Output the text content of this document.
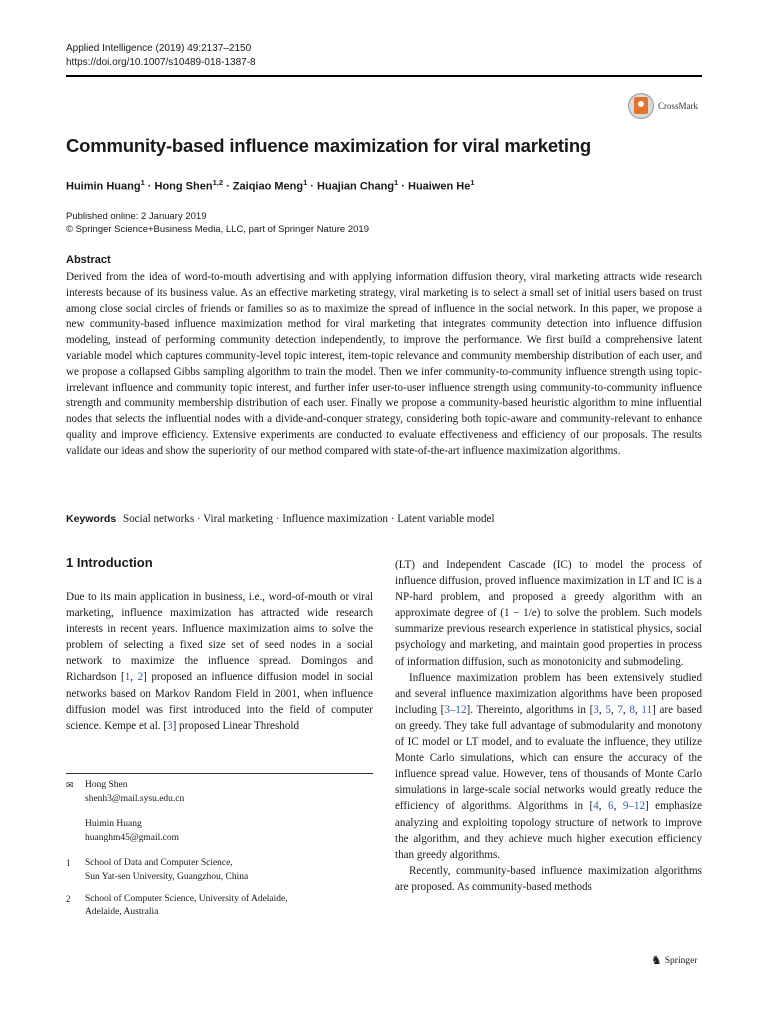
Applied Intelligence (2019) 49:2137–2150
https://doi.org/10.1007/s10489-018-1387-8
CrossMark
Community-based influence maximization for viral marketing
Huimin Huang$^1$ · Hong Shen$^{1,2}$ · Zaiqiao Meng$^1$ · Huajian Chang$^1$ · Huaiwen He$^1$
Published online: 2 January 2019
© Springer Science+Business Media, LLC, part of Springer Nature 2019
Abstract
Derived from the idea of word-to-mouth advertising and with applying information diffusion theory, viral marketing attracts wide research interests because of its business value. As an effective marketing strategy, viral marketing is to select a small set of initial users based on trust among close social circles of friends or families so as to maximize the spread of influence in the social network. In this paper, we propose a new community-based influence maximization method for viral marketing that integrates community detection into influence diffusion modeling, instead of performing community detection independently, to improve the performance. We first build a comprehensive latent variable model which captures community-level topic interest, item-topic relevance and community membership distribution of each user, and we propose a collapsed Gibbs sampling algorithm to train the model. Then we infer community-to-community influence strength using topic-irrelevant influence and community topic interest, and further infer user-to-user influence strength using community-to-community influence strength and community membership distribution of each user. Finally we propose a community-based heuristic algorithm to mine influential nodes that selects the influential nodes with a divide-and-conquer strategy, considering both topic-aware and community-relevant to enhance quality and improve efficiency. Extensive experiments are conducted to evaluate effectiveness and efficiency of our proposals. The results validate our ideas and show the superiority of our method compared with state-of-the-art influence maximization algorithms.
Keywords Social networks · Viral marketing · Influence maximization · Latent variable model
1 Introduction

Due to its main application in business, i.e., word-of-mouth or viral marketing, influence maximization has attracted wide research interests in recent years. Influence maximization aims to solve the problem of selecting a fixed size set of seed nodes in a social network to maximize the influence spread. Domingos and Richardson [1, 2] proposed an influence diffusion model in social networks based on Markov Random Field in 2001, when influence diffusion model was first introduced into the field of computer science. Kempe et al. [3] proposed Linear Threshold

✉	Hong Shen
shenh3@mail.sysu.edu.cn
Huimin Huang
huanghm45@gmail.com
1	School of Data and Computer Science,
Sun Yat-sen University, Guangzhou, China
2	School of Computer Science, University of Adelaide,
Adelaide, Australia

(LT) and Independent Cascade (IC) to model the process of influence diffusion, proved influence maximization in LT and IC is a NP-hard problem, and proposed a greedy algorithm with an approximate degree of (1 − 1/e) to solve the problem. Such models summarize previous research experience in statistical physics, social psychology and marketing, and maintain good properties in process of information diffusion, such as monotonicity and submodeling.

Influence maximization problem has been extensively studied and several influence maximization algorithms have been proposed including [3–12]. Thereinto, algorithms in [3, 5, 7, 8, 11] are based on greedy. They take full advantage of submodularity and monotony of IC model or LT model, and to evaluate the influence, they utilize Monte Carlo simulations, which can ensure the accuracy of the influence spread value. However, tens of thousands of Monte Carlo simulations in large-scale social networks would greatly reduce the efficiency of algorithms. Algorithms in [4, 6, 9–12] emphasize analyzing and exploiting topology structure of network to improve the algorithm, and they achieve much higher execution efficiency than greedy algorithms.

Recently, community-based influence maximization algorithms are proposed. As community-based methods

♞ Springer
